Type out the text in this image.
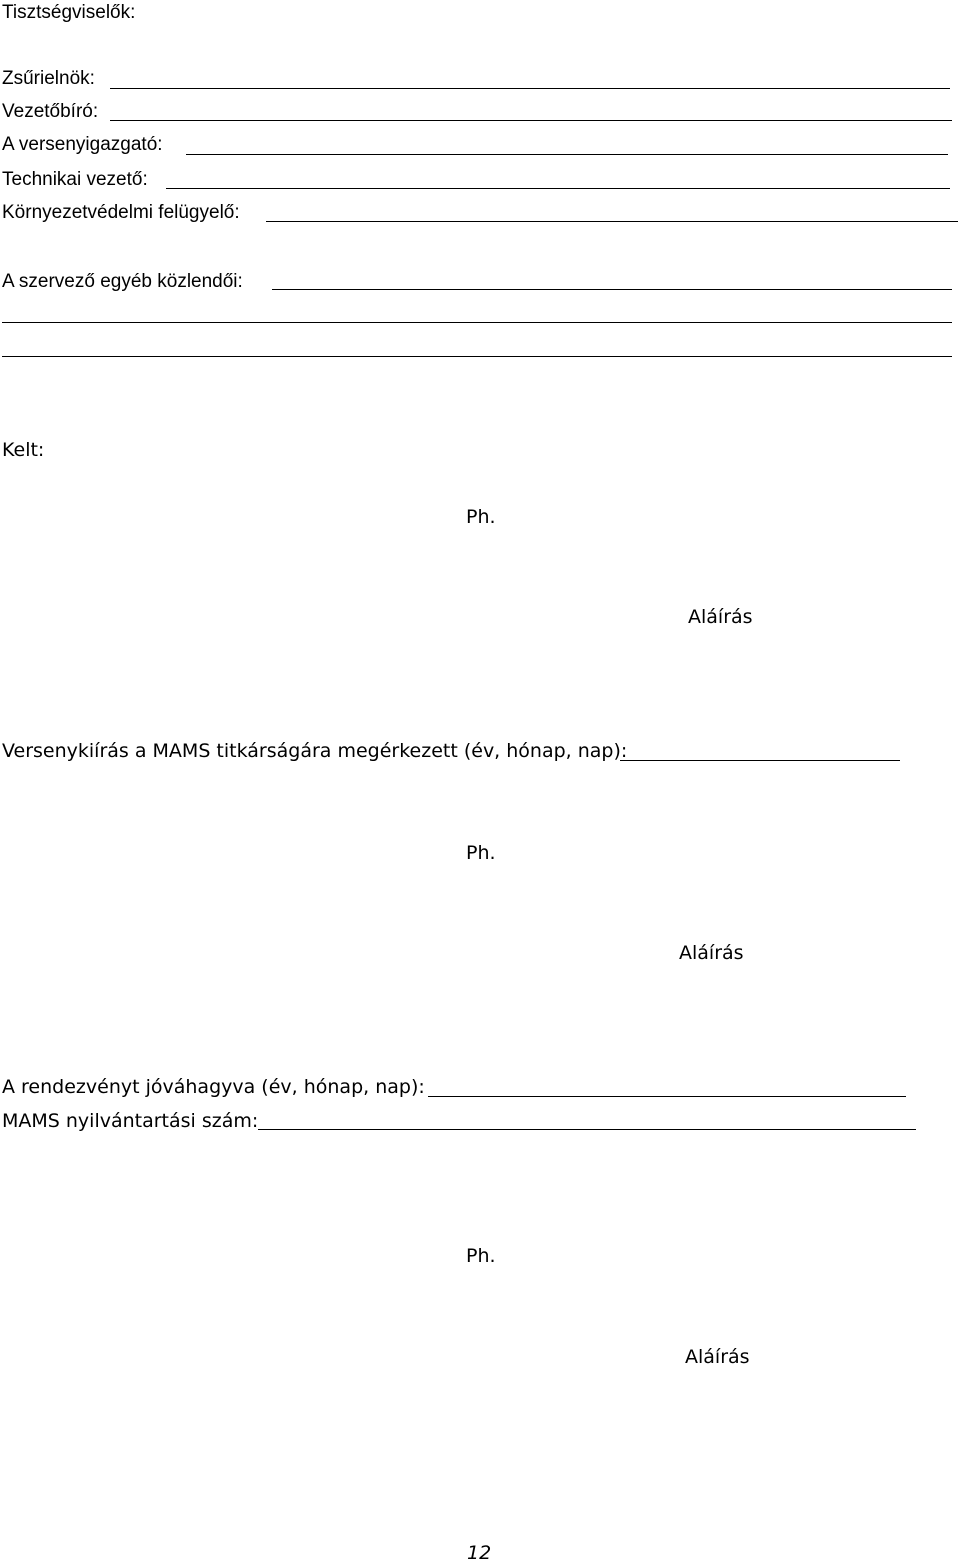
Tisztségviselők:
Zsűrielnök:
Vezetőbíró:
A versenyigazgató:
Technikai vezető:
Környezetvédelmi felügyelő:
A szervező egyéb közlendői:
Kelt:
Ph.
Aláírás
Versenykiírás a MAMS titkárságára megérkezett (év, hónap, nap):
Ph.
Aláírás
A rendezvényt jóváhagyva (év, hónap, nap):
MAMS nyilvántartási szám:
Ph.
Aláírás
12
